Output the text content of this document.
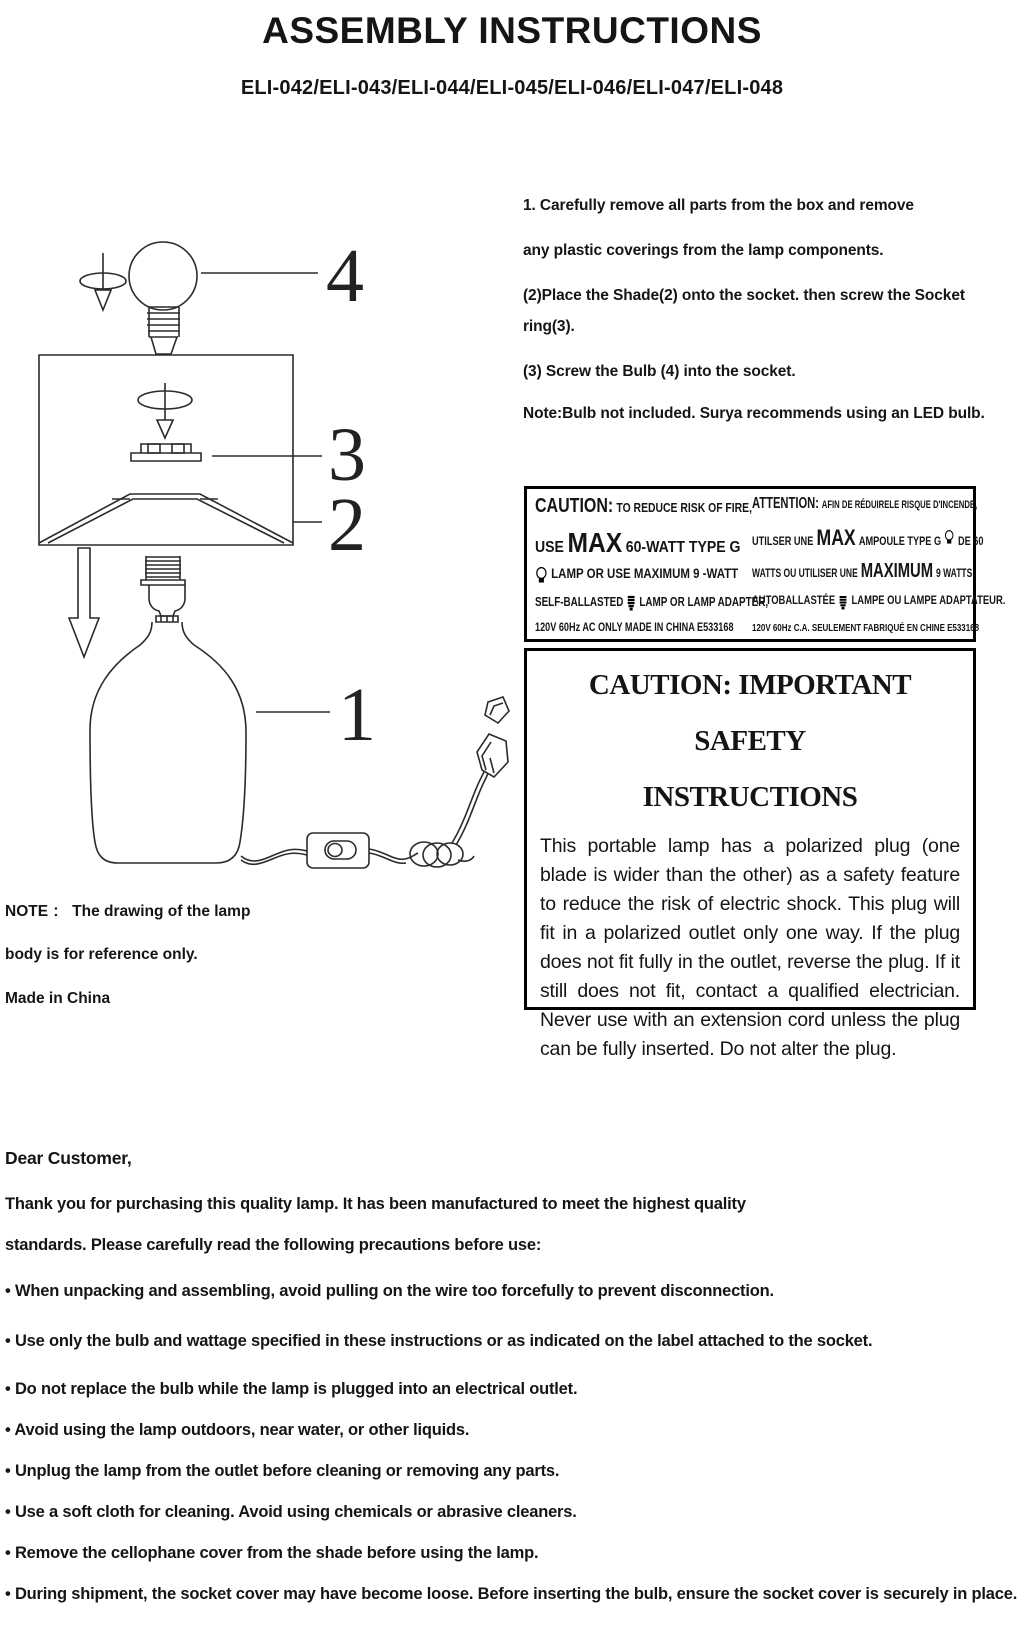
ASSEMBLY INSTRUCTIONS
ELI-042/ELI-043/ELI-044/ELI-045/ELI-046/ELI-047/ELI-048
4
3
2
1

1. Carefully remove all parts from the box and remove

any plastic coverings from the lamp components.

(2)Place the Shade(2) onto the socket. then screw the Socket ring(3).

(3) Screw the Bulb (4) into the socket.

Note:Bulb not included. Surya recommends using an LED bulb.

CAUTION: TO REDUCE RISK OF FIRE,
USE MAX 60-WATT TYPE G
LAMP OR USE MAXIMUM 9 -WATT
SELF-BALLASTED LAMP OR LAMP ADAPTER,
120V 60Hz AC ONLY MADE IN CHINA E533168
ATTENTION: AFIN DE RÉDUIRELE RISQUE D'INCENDE,
UTILSER UNE MAX AMPOULE TYPE G DE 60
WATTS OU UTILISER UNE MAXIMUM 9 WATTS
AUTOBALLASTÉE LAMPE OU LAMPE ADAPTATEUR.
120V 60Hz C.A. SEULEMENT FABRIQUÉ EN CHINE E533168
CAUTION: IMPORTANT SAFETY
INSTRUCTIONS

This portable lamp has a polarized plug (one blade is wider than the other) as a safety feature to reduce the risk of electric shock. This plug will fit in a polarized outlet only one way. If the plug does not fit fully in the outlet, reverse the plug. If it still does not fit, contact a qualified electrician. Never use with an extension cord unless the plug can be fully inserted. Do not alter the plug.

NOTE ： The drawing of the lamp

body is for reference only.

Made in China

Dear Customer,

Thank you for purchasing this quality lamp. It has been manufactured to meet the highest quality

standards. Please carefully read the following precautions before use:

• When unpacking and assembling, avoid pulling on the wire too forcefully to prevent disconnection.

• Use only the bulb and wattage specified in these instructions or as indicated on the label attached to the socket.

• Do not replace the bulb while the lamp is plugged into an electrical outlet.

• Avoid using the lamp outdoors, near water, or other liquids.

• Unplug the lamp from the outlet before cleaning or removing any parts.

• Use a soft cloth for cleaning. Avoid using chemicals or abrasive cleaners.

• Remove the cellophane cover from the shade before using the lamp.

• During shipment, the socket cover may have become loose. Before inserting the bulb, ensure the socket cover is securely in place.
